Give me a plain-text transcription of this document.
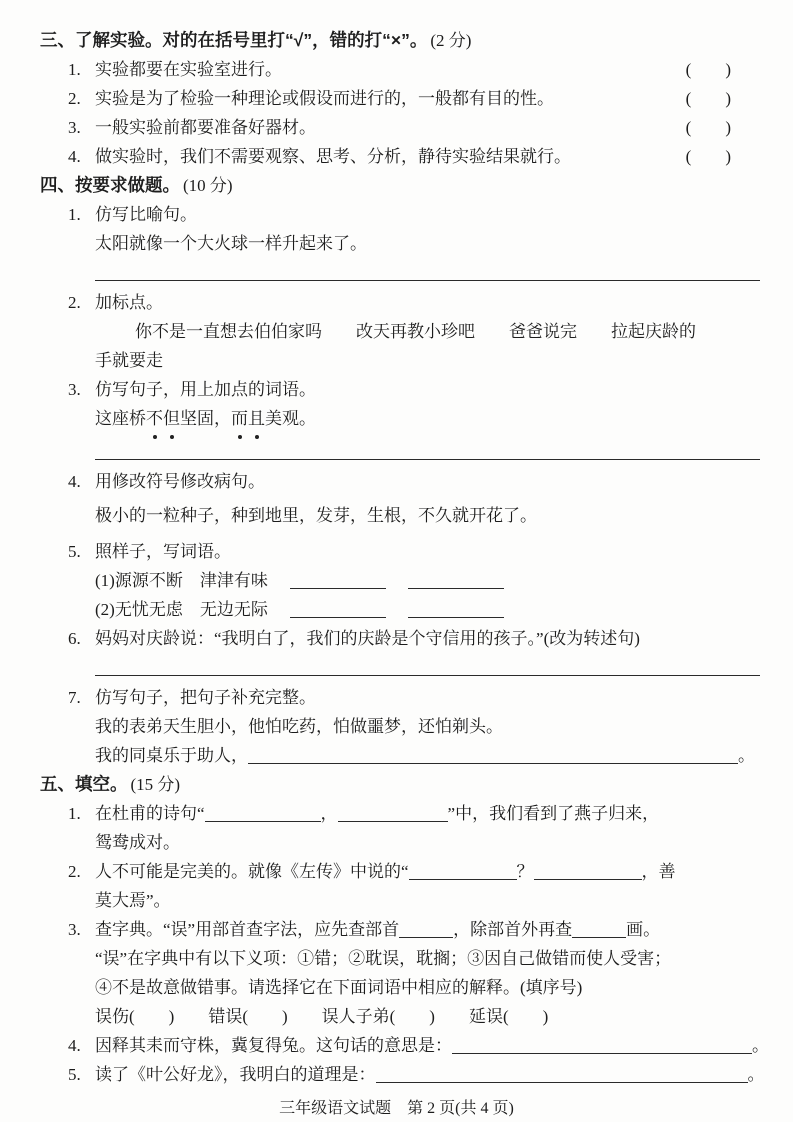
三、了解实验。对的在括号里打“√”，错的打“×”。 (2 分)
1. 实验都要在实验室进行。	(　　)
2. 实验是为了检验一种理论或假设而进行的，一般都有目的性。	(　　)
3. 一般实验前都要准备好器材。	(　　)
4. 做实验时，我们不需要观察、思考、分析，静待实验结果就行。	(　　)
四、按要求做题。 (10 分)
1. 仿写比喻句。
太阳就像一个大火球一样升起来了。
2. 加标点。
你不是一直想去伯伯家吗　　改天再教小珍吧　　爸爸说完　　拉起庆龄的
手就要走
3. 仿写句子，用上加点的词语。
这座桥不但坚固，而且美观。
4. 用修改符号修改病句。
极小的一粒种子，种到地里，发芽，生根，不久就开花了。
5. 照样子，写词语。
(1)源源不断　津津有味
(2)无忧无虑　无边无际
6. 妈妈对庆龄说：“我明白了，我们的庆龄是个守信用的孩子。”(改为转述句)
7. 仿写句子，把句子补充完整。
我的表弟天生胆小，他怕吃药，怕做噩梦，还怕剃头。
我的同桌乐于助人，	。
五、填空。 (15 分)
1. 在杜甫的诗句“	，	”中，我们看到了燕子归来，
鸳鸯成对。
2. 人不可能是完美的。就像《左传》中说的“	？	，善
莫大焉”。
3. 查字典。“误”用部首查字法，应先查部首	，除部首外再查	画。
“误”在字典中有以下义项：①错；②耽误，耽搁；③因自己做错而使人受害；
④不是故意做错事。请选择它在下面词语中相应的解释。(填序号)
误伤(　　)　　错误(　　)　　误人子弟(　　)　　延误(　　)
4. 因释其耒而守株，冀复得兔。这句话的意思是：	。
5. 读了《叶公好龙》，我明白的道理是：	。
三年级语文试题　第 2 页(共 4 页)
